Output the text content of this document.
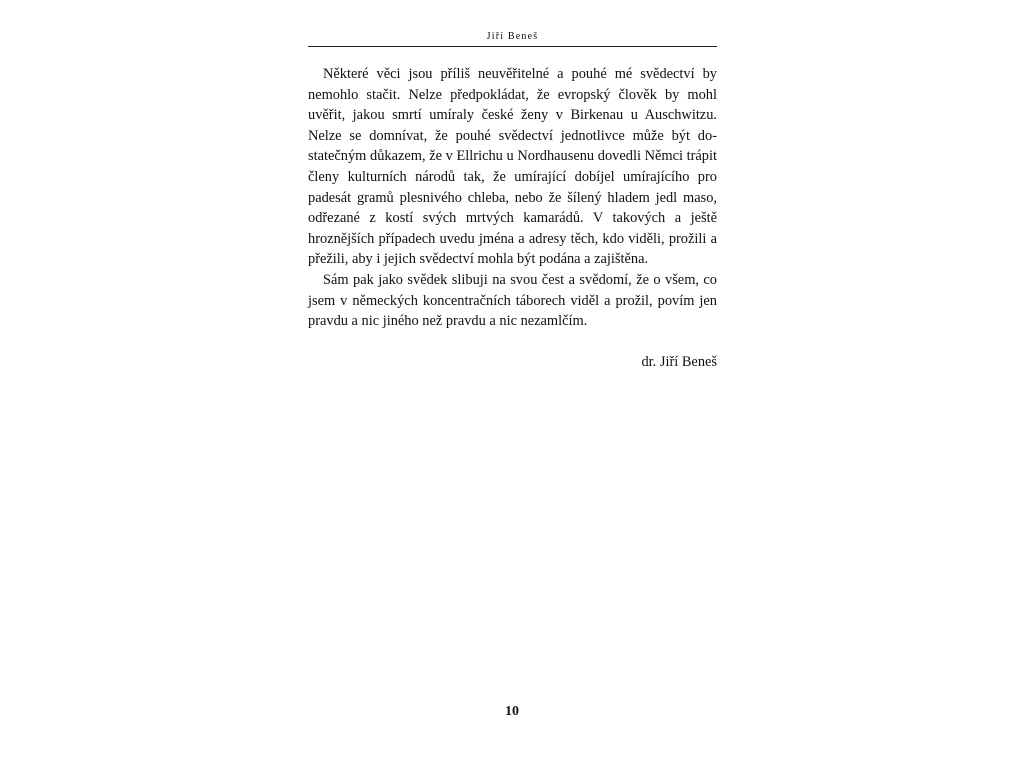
Jiří Beneš

Některé věci jsou příliš neuvěřitelné a pouhé mé svědectví by nemohlo stačit. Nelze předpokládat, že evropský člověk by mohl uvěřit, jakou smrtí umíraly české ženy v Birkenau u Auschwitzu. Nelze se domnívat, že pouhé svědectví jednotlivce může být dostatečným důkazem, že v Ellrichu u Nordhausenu dovedli Němci trápit členy kulturních národů tak, že umírající dobíjel umírajícího pro padesát gramů plesnivého chleba, nebo že šílený hladem jedl maso, odřezané z kostí svých mrtvých kamarádů. V takových a ještě hroznějších případech uvedu jména a adresy těch, kdo viděli, prožili a přežili, aby i jejich svědectví mohla být podána a zajištěna.

Sám pak jako svědek slibuji na svou čest a svědomí, že o všem, co jsem v německých koncentračních táborech viděl a prožil, povím jen pravdu a nic jiného než pravdu a nic nezamlčím.

dr. Jiří Beneš
10
